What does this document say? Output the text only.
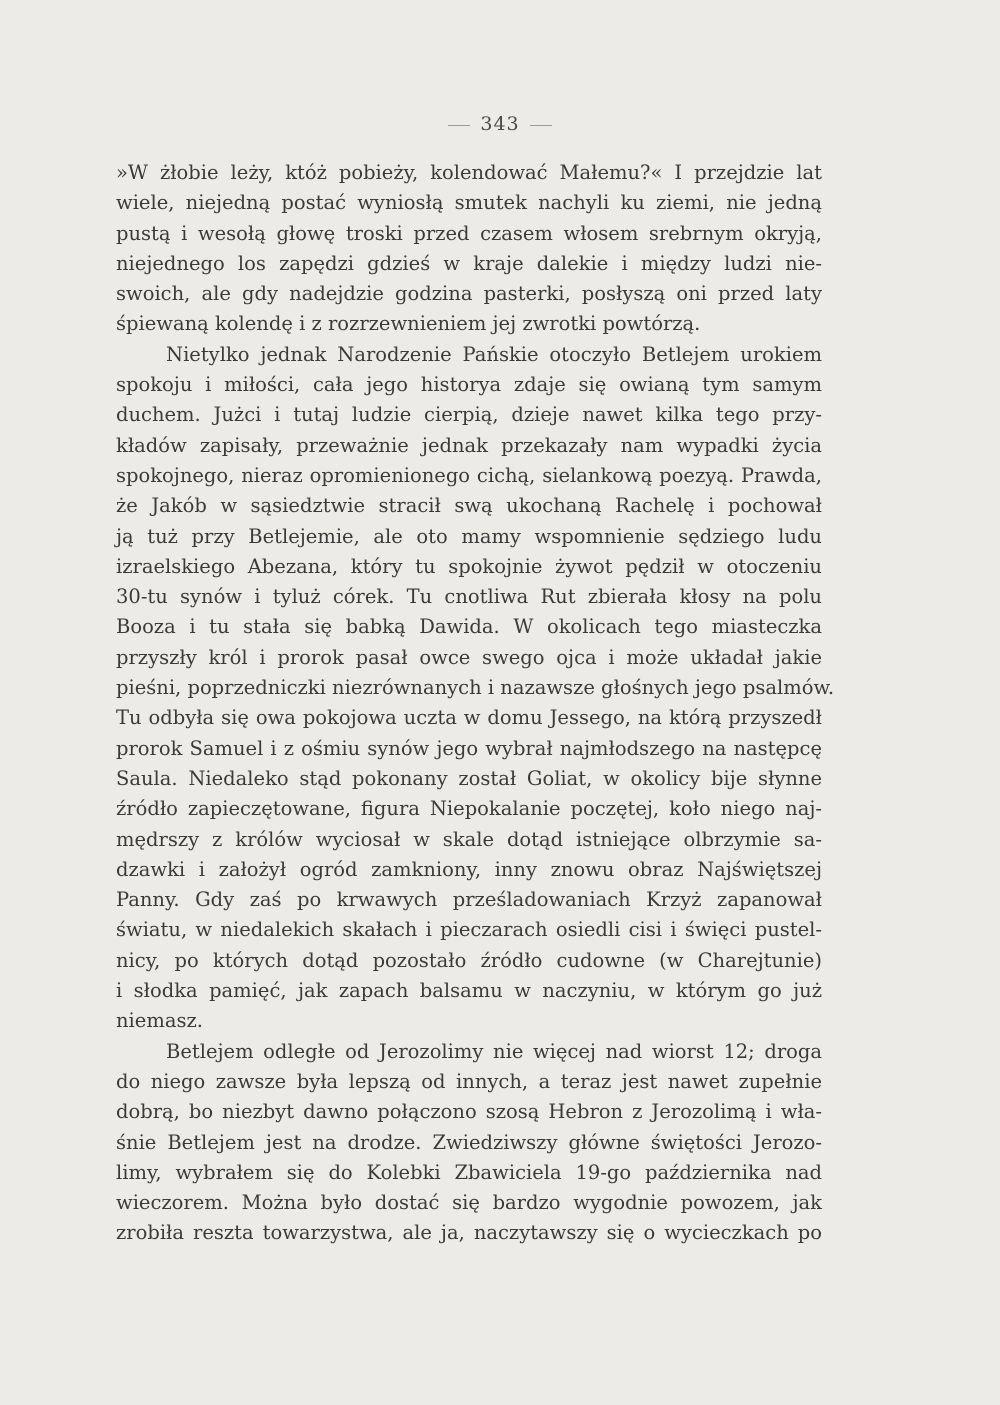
343
»W żłobie leży, któż pobieży, kolendować Małemu?« I przejdzie lat
wiele, niejedną postać wyniosłą smutek nachyli ku ziemi, nie jedną
pustą i wesołą głowę troski przed czasem włosem srebrnym okryją,
niejednego los zapędzi gdzieś w kraje dalekie i między ludzi nie-
swoich, ale gdy nadejdzie godzina pasterki, posłyszą oni przed laty
śpiewaną kolendę i z rozrzewnieniem jej zwrotki powtórzą.
Nietylko jednak Narodzenie Pańskie otoczyło Betlejem urokiem
spokoju i miłości, cała jego historya zdaje się owianą tym samym
duchem. Jużci i tutaj ludzie cierpią, dzieje nawet kilka tego przy-
kładów zapisały, przeważnie jednak przekazały nam wypadki życia
spokojnego, nieraz opromienionego cichą, sielankową poezyą. Prawda,
że Jakób w sąsiedztwie stracił swą ukochaną Rachelę i pochował
ją tuż przy Betlejemie, ale oto mamy wspomnienie sędziego ludu
izraelskiego Abezana, który tu spokojnie żywot pędził w otoczeniu
30-tu synów i tyluż córek. Tu cnotliwa Rut zbierała kłosy na polu
Booza i tu stała się babką Dawida. W okolicach tego miasteczka
przyszły król i prorok pasał owce swego ojca i może układał jakie
pieśni, poprzedniczki niezrównanych i nazawsze głośnych jego psalmów.
Tu odbyła się owa pokojowa uczta w domu Jessego, na którą przyszedł
prorok Samuel i z ośmiu synów jego wybrał najmłodszego na następcę
Saula. Niedaleko stąd pokonany został Goliat, w okolicy bije słynne
źródło zapieczętowane, figura Niepokalanie poczętej, koło niego naj-
mędrszy z królów wyciosał w skale dotąd istniejące olbrzymie sa-
dzawki i założył ogród zamkniony, inny znowu obraz Najświętszej
Panny. Gdy zaś po krwawych prześladowaniach Krzyż zapanował
światu, w niedalekich skałach i pieczarach osiedli cisi i święci pustel-
nicy, po których dotąd pozostało źródło cudowne (w Charejtunie)
i słodka pamięć, jak zapach balsamu w naczyniu, w którym go już
niemasz.
Betlejem odległe od Jerozolimy nie więcej nad wiorst 12; droga
do niego zawsze była lepszą od innych, a teraz jest nawet zupełnie
dobrą, bo niezbyt dawno połączono szosą Hebron z Jerozolimą i wła-
śnie Betlejem jest na drodze. Zwiedziwszy główne świętości Jerozo-
limy, wybrałem się do Kolebki Zbawiciela 19-go października nad
wieczorem. Można było dostać się bardzo wygodnie powozem, jak
zrobiła reszta towarzystwa, ale ja, naczytawszy się o wycieczkach po
